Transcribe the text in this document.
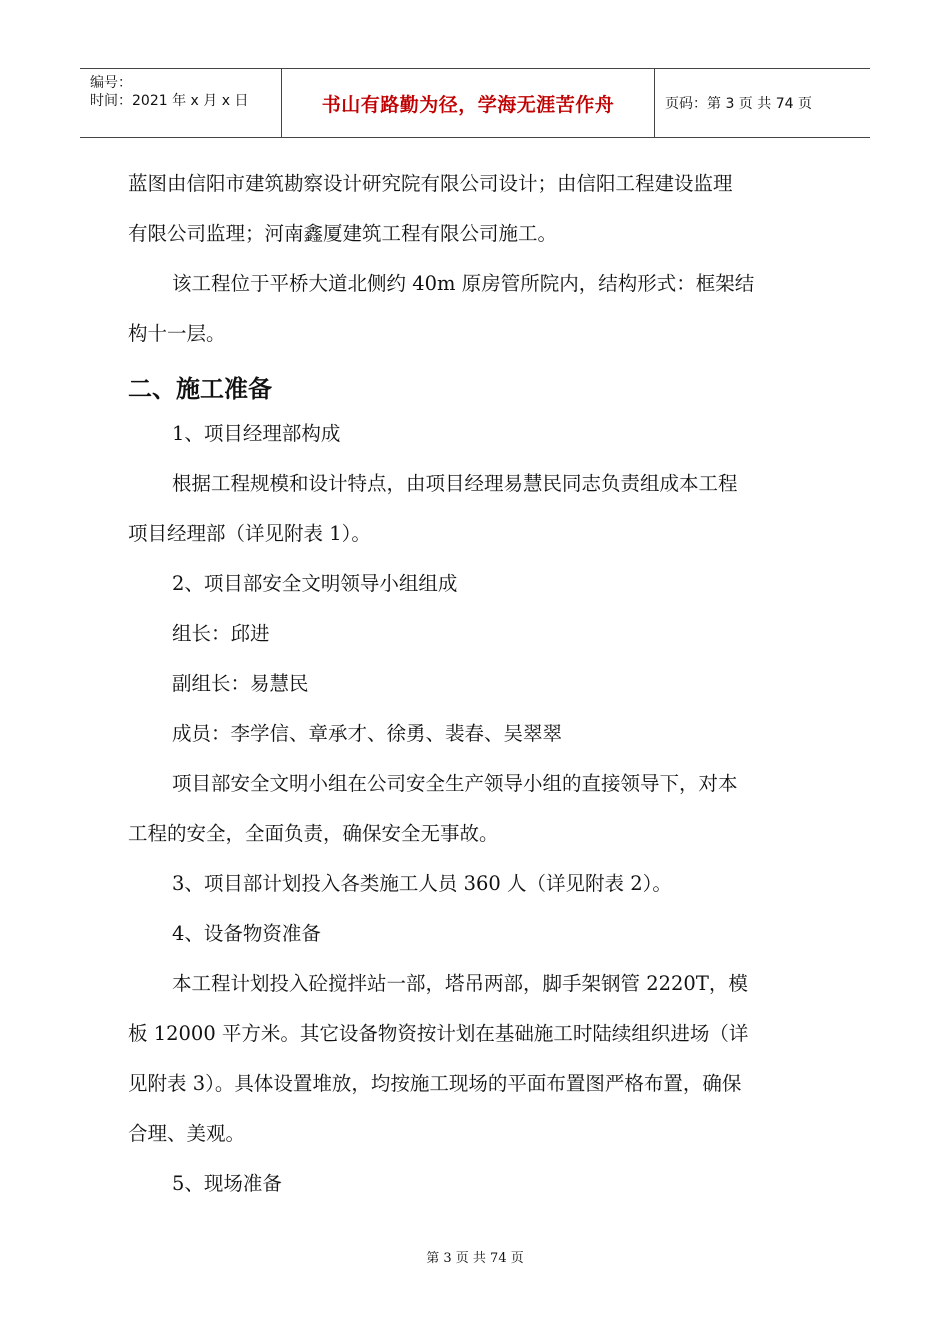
编号：
时间：2021 年 x 月 x 日	书山有路勤为径，学海无涯苦作舟	页码：第 3 页 共 74 页
蓝图由信阳市建筑勘察设计研究院有限公司设计；由信阳工程建设监理
有限公司监理；河南鑫厦建筑工程有限公司施工。
该工程位于平桥大道北侧约 40m 原房管所院内，结构形式：框架结
构十一层。
二、施工准备
1、项目经理部构成
根据工程规模和设计特点，由项目经理易慧民同志负责组成本工程
项目经理部（详见附表 1）。
2、项目部安全文明领导小组组成
组长：邱进
副组长：易慧民
成员：李学信、章承才、徐勇、裴春、吴翠翠
项目部安全文明小组在公司安全生产领导小组的直接领导下，对本
工程的安全，全面负责，确保安全无事故。
3、项目部计划投入各类施工人员 360 人（详见附表 2）。
4、设备物资准备
本工程计划投入砼搅拌站一部，塔吊两部，脚手架钢管 2220T，模
板 12000 平方米。其它设备物资按计划在基础施工时陆续组织进场（详
见附表 3）。具体设置堆放，均按施工现场的平面布置图严格布置，确保
合理、美观。
5、现场准备
第 3 页 共 74 页
